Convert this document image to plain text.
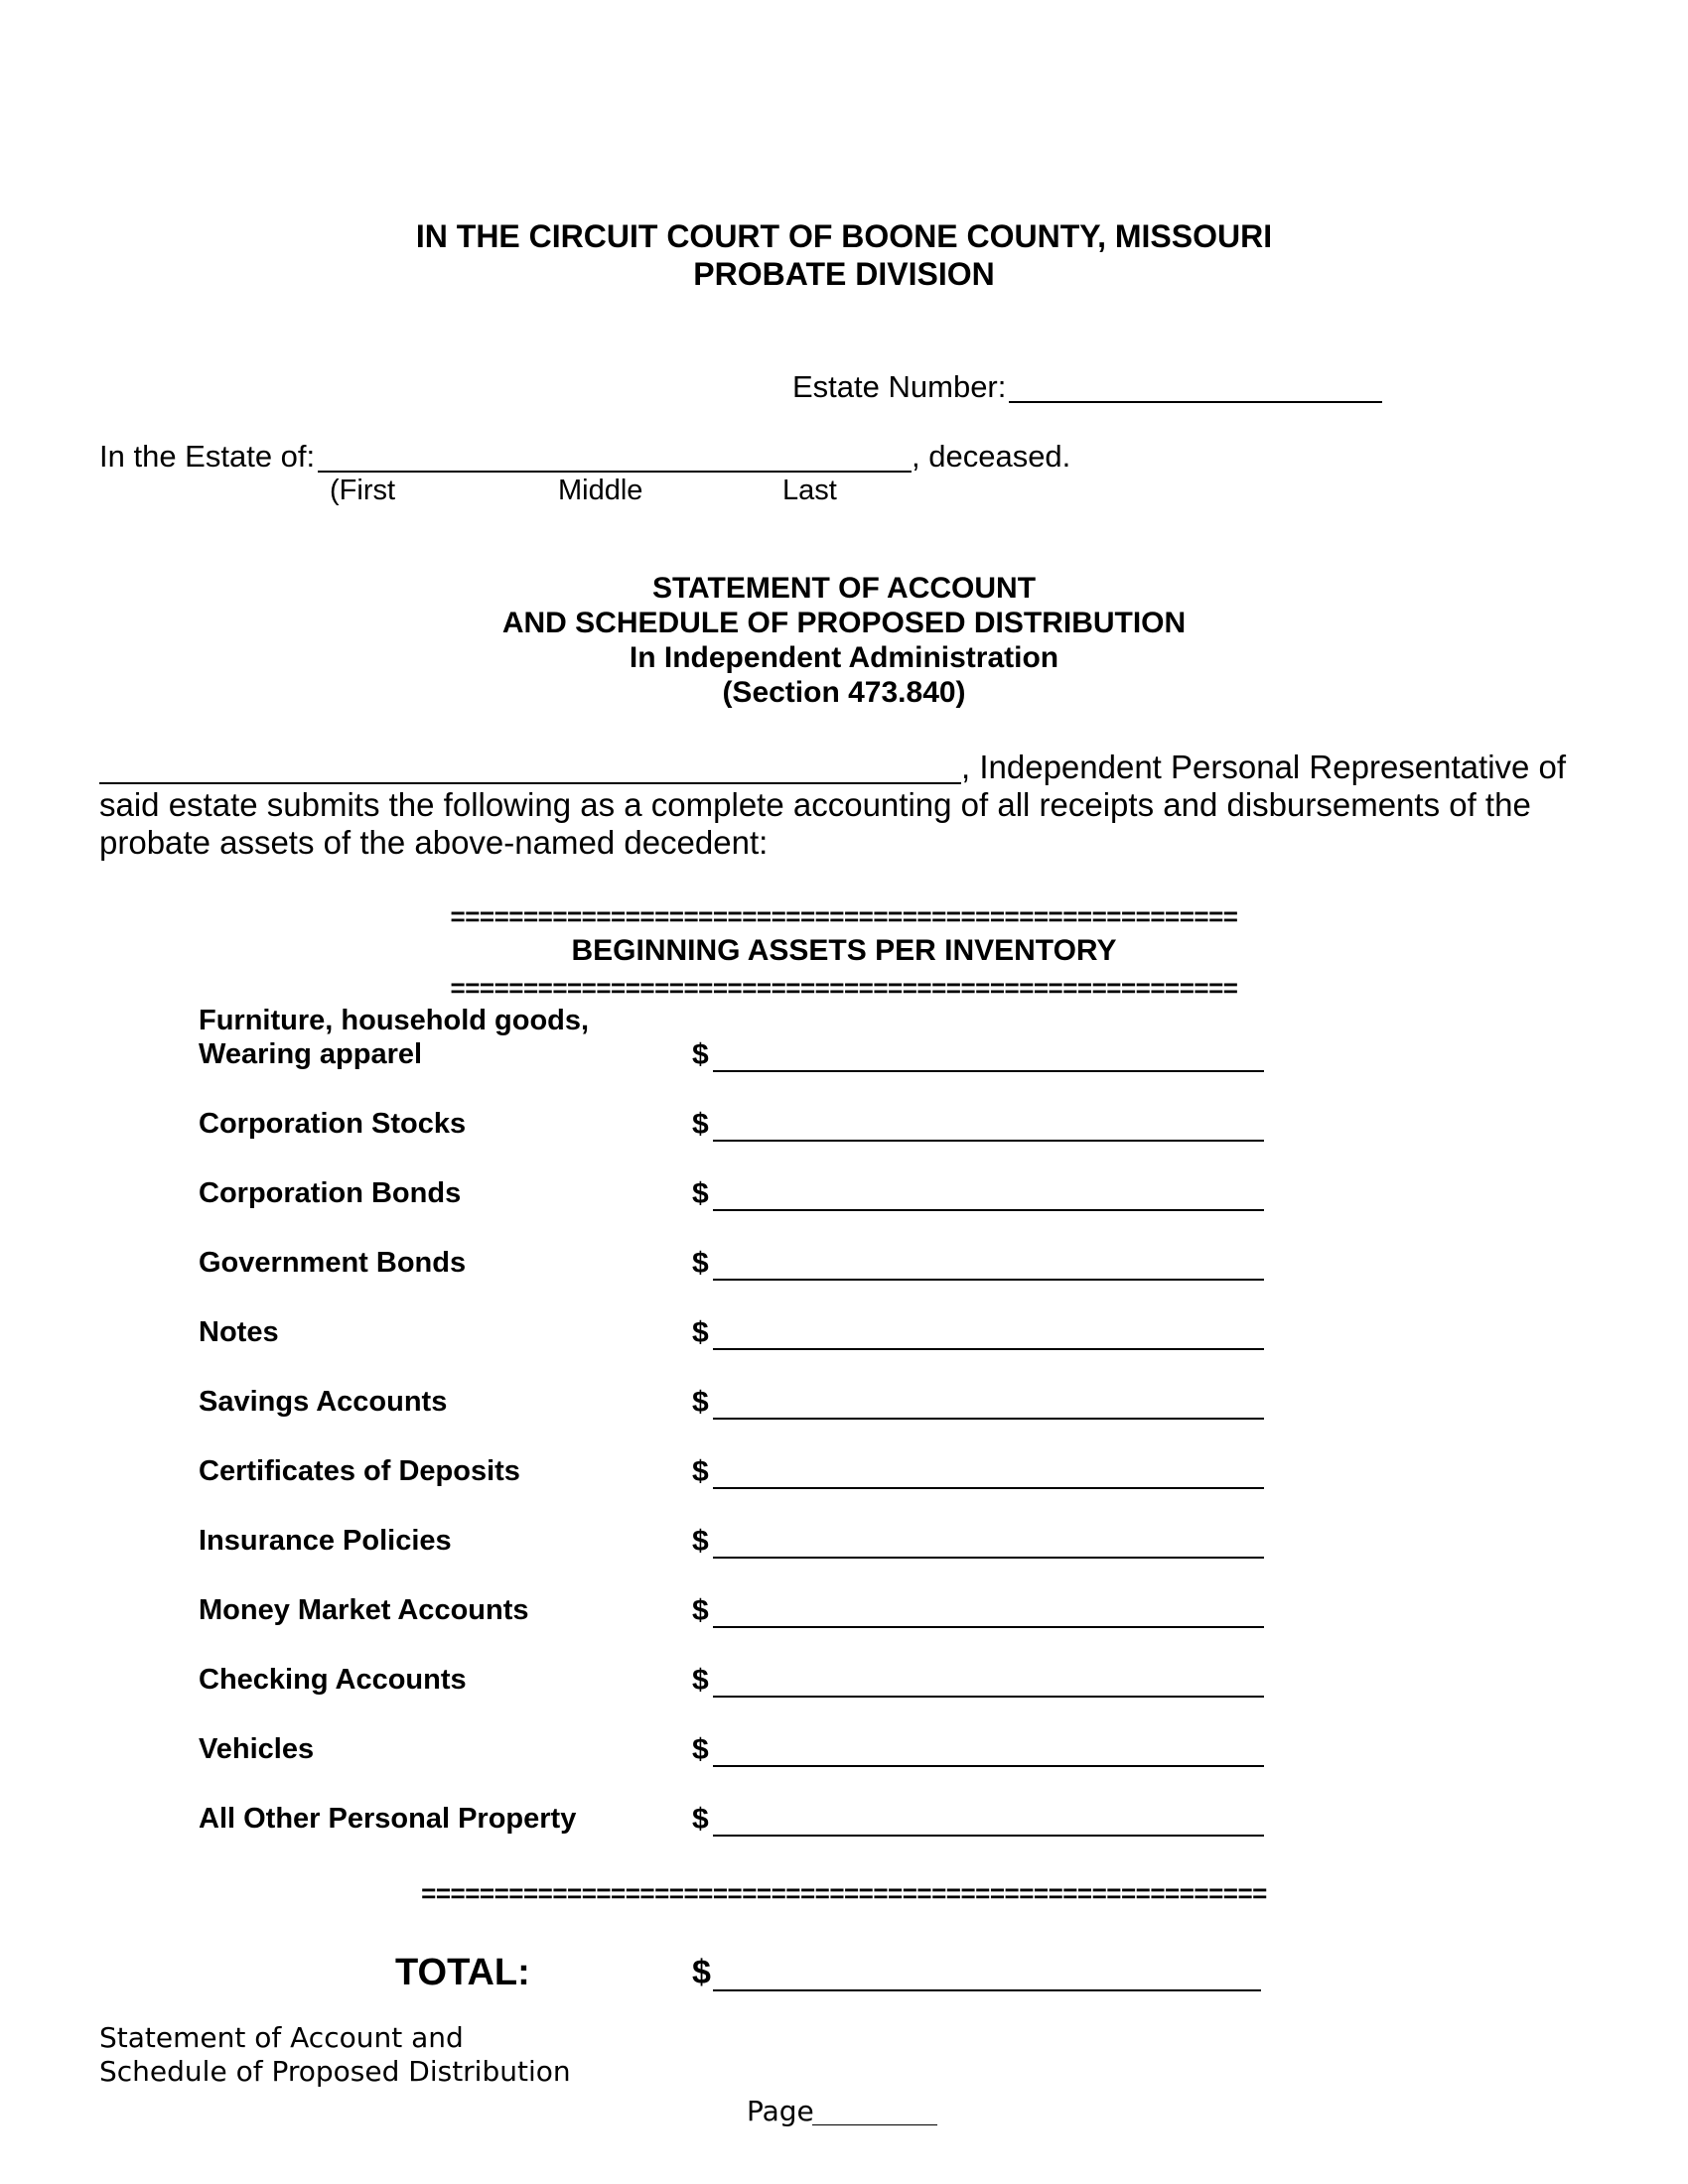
IN THE CIRCUIT COURT OF BOONE COUNTY, MISSOURI
PROBATE DIVISION
Estate Number:
In the Estate of:	, deceased.
(First	Middle	Last
STATEMENT OF ACCOUNT
AND SCHEDULE OF PROPOSED DISTRIBUTION
In Independent Administration
(Section 473.840)
, Independent Personal Representative of
said estate submits the following as a complete accounting of all receipts and disbursements of the
probate assets of the above-named decedent:
======================================================
BEGINNING ASSETS PER INVENTORY
======================================================
Furniture, household goods,
Wearing apparel	$
Corporation Stocks	$
Corporation Bonds	$
Government Bonds	$
Notes	$
Savings Accounts	$
Certificates of Deposits	$
Insurance Policies	$
Money Market Accounts	$
Checking Accounts	$
Vehicles	$
All Other Personal Property	$
==========================================================
TOTAL:	$
Statement of Account and
Schedule of Proposed Distribution
Page
